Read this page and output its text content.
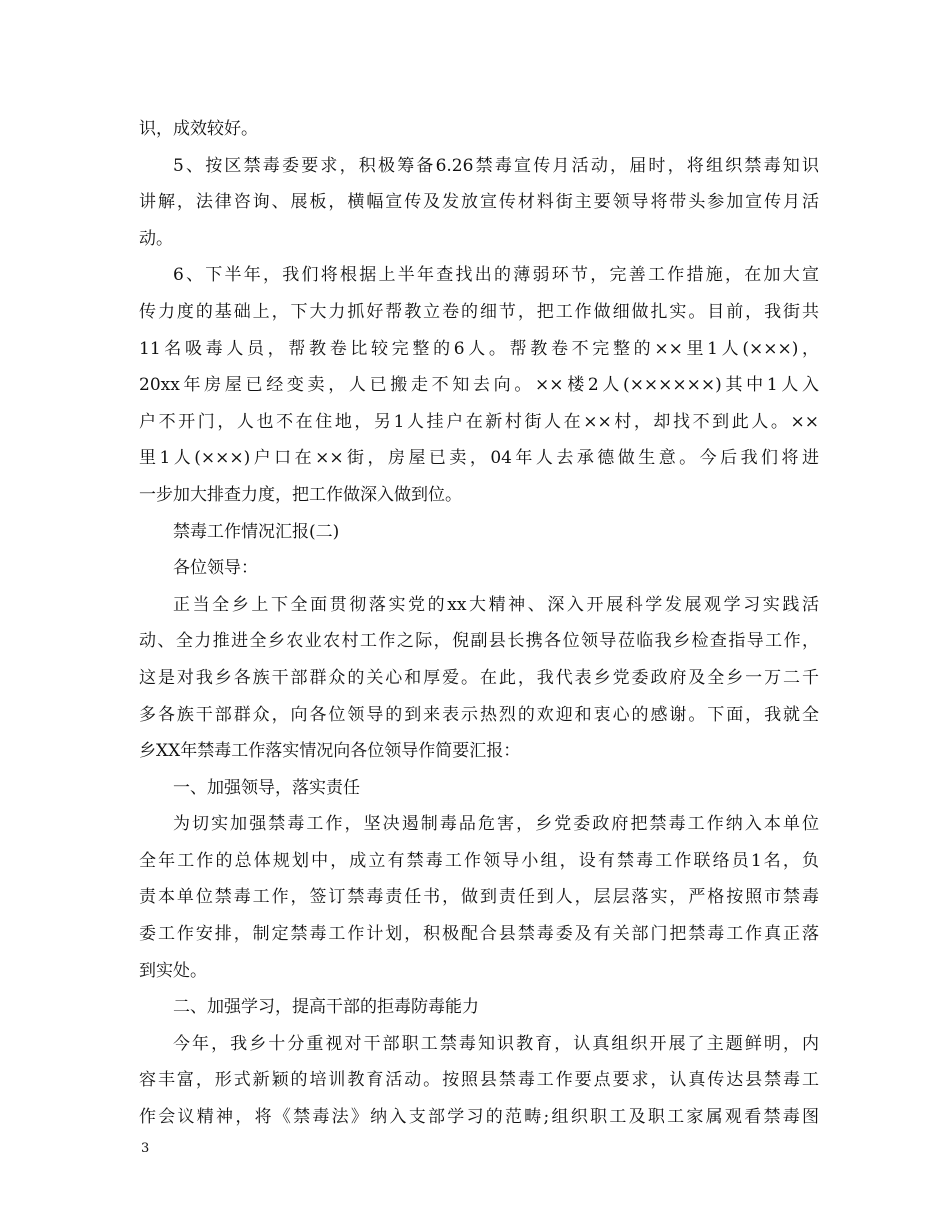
识，成效较好。
5、按区禁毒委要求，积极筹备6.26禁毒宣传月活动，届时，将组织禁毒知识
讲解，法律咨询、展板，横幅宣传及发放宣传材料街主要领导将带头参加宣传月活
动。
6、下半年，我们将根据上半年查找出的薄弱环节，完善工作措施，在加大宣
传力度的基础上，下大力抓好帮教立卷的细节，把工作做细做扎实。目前，我街共
11名吸毒人员，帮教卷比较完整的6人。帮教卷不完整的××里1人(×××)，
20xx年房屋已经变卖，人已搬走不知去向。××楼2人(××××××)其中1人入
户不开门，人也不在住地，另1人挂户在新村街人在××村，却找不到此人。××
里1人(×××)户口在××街，房屋已卖，04年人去承德做生意。今后我们将进
一步加大排查力度，把工作做深入做到位。
禁毒工作情况汇报(二)
各位领导：
正当全乡上下全面贯彻落实党的xx大精神、深入开展科学发展观学习实践活
动、全力推进全乡农业农村工作之际，倪副县长携各位领导莅临我乡检查指导工作，
这是对我乡各族干部群众的关心和厚爱。在此，我代表乡党委政府及全乡一万二千
多各族干部群众，向各位领导的到来表示热烈的欢迎和衷心的感谢。下面，我就全
乡XX年禁毒工作落实情况向各位领导作简要汇报：
一、加强领导，落实责任
为切实加强禁毒工作，坚决遏制毒品危害，乡党委政府把禁毒工作纳入本单位
全年工作的总体规划中，成立有禁毒工作领导小组，设有禁毒工作联络员1名，负
责本单位禁毒工作，签订禁毒责任书，做到责任到人，层层落实，严格按照市禁毒
委工作安排，制定禁毒工作计划，积极配合县禁毒委及有关部门把禁毒工作真正落
到实处。
二、加强学习，提高干部的拒毒防毒能力
今年，我乡十分重视对干部职工禁毒知识教育，认真组织开展了主题鲜明，内
容丰富，形式新颖的培训教育活动。按照县禁毒工作要点要求，认真传达县禁毒工
作会议精神，将《禁毒法》纳入支部学习的范畴;组织职工及职工家属观看禁毒图
3
